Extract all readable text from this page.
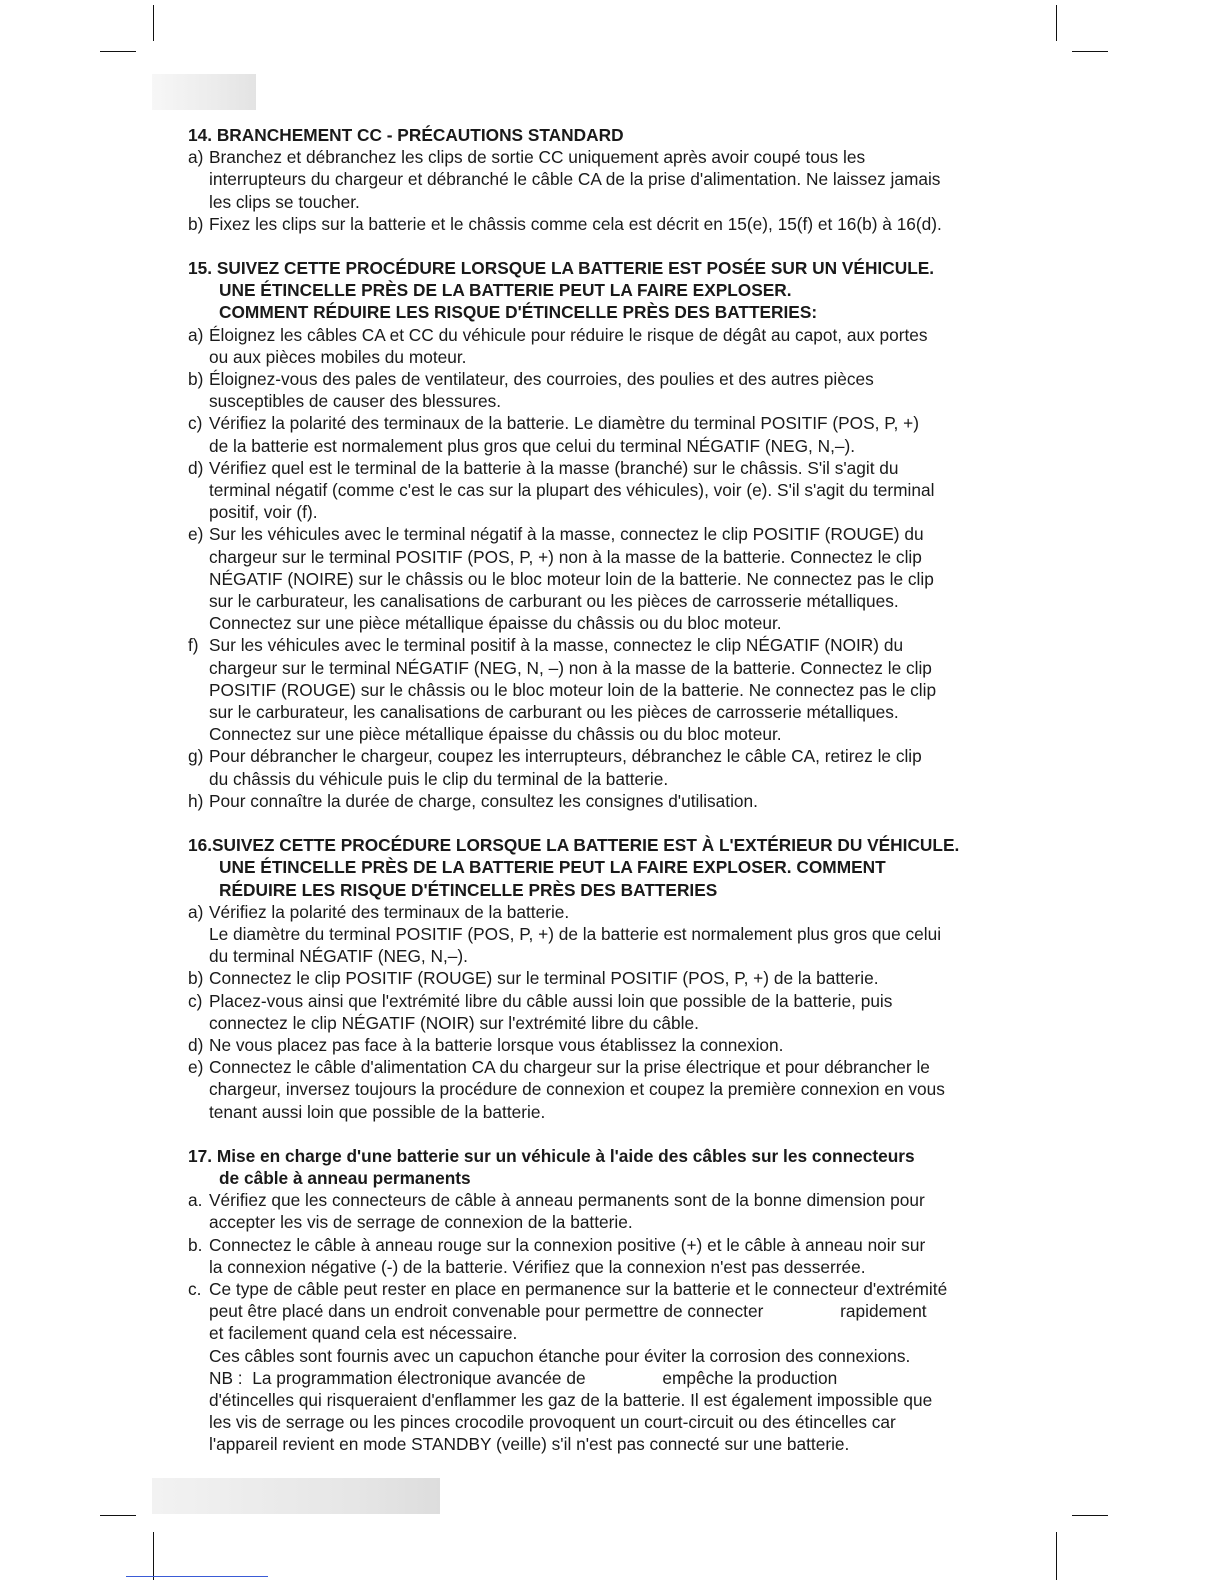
14. BRANCHEMENT CC - PRÉCAUTIONS STANDARD
a) Branchez et débranchez les clips de sortie CC uniquement après avoir coupé tous les
interrupteurs du chargeur et débranché le câble CA de la prise d'alimentation. Ne laissez jamais
les clips se toucher.
b) Fixez les clips sur la batterie et le châssis comme cela est décrit en 15(e), 15(f) et 16(b) à 16(d).
15. SUIVEZ CETTE PROCÉDURE LORSQUE LA BATTERIE EST POSÉE SUR UN VÉHICULE.
UNE ÉTINCELLE PRÈS DE LA BATTERIE PEUT LA FAIRE EXPLOSER.
COMMENT RÉDUIRE LES RISQUE D'ÉTINCELLE PRÈS DES BATTERIES:
a) Éloignez les câbles CA et CC du véhicule pour réduire le risque de dégât au capot, aux portes
ou aux pièces mobiles du moteur.
b) Éloignez-vous des pales de ventilateur, des courroies, des poulies et des autres pièces
susceptibles de causer des blessures.
c) Vérifiez la polarité des terminaux de la batterie. Le diamètre du terminal POSITIF (POS, P, +)
de la batterie est normalement plus gros que celui du terminal NÉGATIF (NEG, N,–).
d) Vérifiez quel est le terminal de la batterie à la masse (branché) sur le châssis. S'il s'agit du
terminal négatif (comme c'est le cas sur la plupart des véhicules), voir (e). S'il s'agit du terminal
positif, voir (f).
e) Sur les véhicules avec le terminal négatif à la masse, connectez le clip POSITIF (ROUGE) du
chargeur sur le terminal POSITIF (POS, P, +) non à la masse de la batterie. Connectez le clip
NÉGATIF (NOIRE) sur le châssis ou le bloc moteur loin de la batterie. Ne connectez pas le clip
sur le carburateur, les canalisations de carburant ou les pièces de carrosserie métalliques.
Connectez sur une pièce métallique épaisse du châssis ou du bloc moteur.
f) Sur les véhicules avec le terminal positif à la masse, connectez le clip NÉGATIF (NOIR) du
chargeur sur le terminal NÉGATIF (NEG, N, –) non à la masse de la batterie. Connectez le clip
POSITIF (ROUGE) sur le châssis ou le bloc moteur loin de la batterie. Ne connectez pas le clip
sur le carburateur, les canalisations de carburant ou les pièces de carrosserie métalliques.
Connectez sur une pièce métallique épaisse du châssis ou du bloc moteur.
g) Pour débrancher le chargeur, coupez les interrupteurs, débranchez le câble CA, retirez le clip
du châssis du véhicule puis le clip du terminal de la batterie.
h) Pour connaître la durée de charge, consultez les consignes d'utilisation.
16.SUIVEZ CETTE PROCÉDURE LORSQUE LA BATTERIE EST À L'EXTÉRIEUR DU VÉHICULE.
UNE ÉTINCELLE PRÈS DE LA BATTERIE PEUT LA FAIRE EXPLOSER. COMMENT
RÉDUIRE LES RISQUE D'ÉTINCELLE PRÈS DES BATTERIES
a) Vérifiez la polarité des terminaux de la batterie.
Le diamètre du terminal POSITIF (POS, P, +) de la batterie est normalement plus gros que celui
du terminal NÉGATIF (NEG, N,–).
b) Connectez le clip POSITIF (ROUGE) sur le terminal POSITIF (POS, P, +) de la batterie.
c) Placez-vous ainsi que l'extrémité libre du câble aussi loin que possible de la batterie, puis
connectez le clip NÉGATIF (NOIR) sur l'extrémité libre du câble.
d) Ne vous placez pas face à la batterie lorsque vous établissez la connexion.
e) Connectez le câble d'alimentation CA du chargeur sur la prise électrique et pour débrancher le
chargeur, inversez toujours la procédure de connexion et coupez la première connexion en vous
tenant aussi loin que possible de la batterie.
17. Mise en charge d'une batterie sur un véhicule à l'aide des câbles sur les connecteurs
de câble à anneau permanents
a. Vérifiez que les connecteurs de câble à anneau permanents sont de la bonne dimension pour
accepter les vis de serrage de connexion de la batterie.
b. Connectez le câble à anneau rouge sur la connexion positive (+) et le câble à anneau noir sur
la connexion négative (-) de la batterie. Vérifiez que la connexion n'est pas desserrée.
c. Ce type de câble peut rester en place en permanence sur la batterie et le connecteur d'extrémité
peut être placé dans un endroit convenable pour permettre de connecter                rapidement
et facilement quand cela est nécessaire.
Ces câbles sont fournis avec un capuchon étanche pour éviter la corrosion des connexions.
NB :  La programmation électronique avancée de                empêche la production
d'étincelles qui risqueraient d'enflammer les gaz de la batterie. Il est également impossible que
les vis de serrage ou les pinces crocodile provoquent un court-circuit ou des étincelles car
l'appareil revient en mode STANDBY (veille) s'il n'est pas connecté sur une batterie.
